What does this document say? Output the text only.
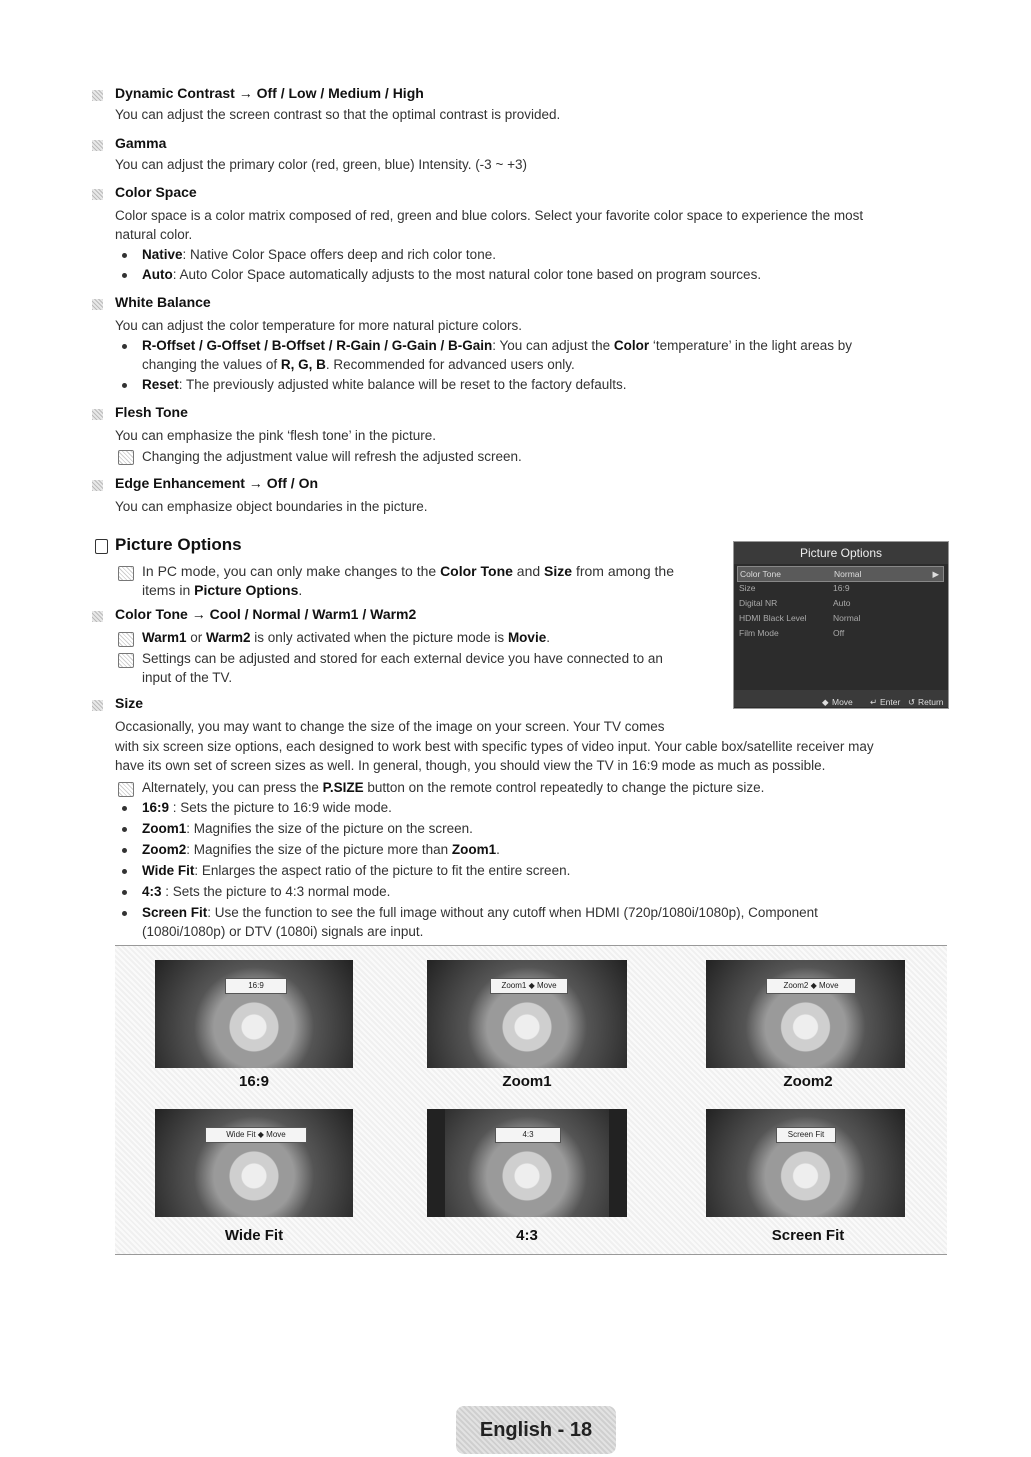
Dynamic Contrast → Off / Low / Medium / High
You can adjust the screen contrast so that the optimal contrast is provided.
Gamma
You can adjust the primary color (red, green, blue) Intensity. (-3 ~ +3)
Color Space
Color space is a color matrix composed of red, green and blue colors. Select your favorite color space to experience the most
natural color.
Native: Native Color Space offers deep and rich color tone.
Auto: Auto Color Space automatically adjusts to the most natural color tone based on program sources.
White Balance
You can adjust the color temperature for more natural picture colors.
R-Offset / G-Offset / B-Offset / R-Gain / G-Gain / B-Gain: You can adjust the Color ‘temperature’ in the light areas by
changing the values of R, G, B. Recommended for advanced users only.
Reset: The previously adjusted white balance will be reset to the factory defaults.
Flesh Tone
You can emphasize the pink ‘flesh tone’ in the picture.
Changing the adjustment value will refresh the adjusted screen.
Edge Enhancement → Off / On
You can emphasize object boundaries in the picture.
Picture Options
In PC mode, you can only make changes to the Color Tone and Size from among the
items in Picture Options.
Color Tone → Cool / Normal / Warm1 / Warm2
Warm1 or Warm2 is only activated when the picture mode is Movie.
Settings can be adjusted and stored for each external device you have connected to an
input of the TV.
Size
Occasionally, you may want to change the size of the image on your screen. Your TV comes
with six screen size options, each designed to work best with specific types of video input. Your cable box/satellite receiver may
have its own set of screen sizes as well. In general, though, you should view the TV in 16:9 mode as much as possible.
Alternately, you can press the P.SIZE button on the remote control repeatedly to change the picture size.
16:9 : Sets the picture to 16:9 wide mode.
Zoom1: Magnifies the size of the picture on the screen.
Zoom2: Magnifies the size of the picture more than Zoom1.
Wide Fit: Enlarges the aspect ratio of the picture to fit the entire screen.
4:3 : Sets the picture to 4:3 normal mode.
Screen Fit: Use the function to see the full image without any cutoff when HDMI (720p/1080i/1080p), Component
(1080i/1080p) or DTV (1080i) signals are input.
Picture Options
Color Tone	Normal	▶
Size	16:9
Digital NR	Auto
HDMI Black Level	Normal
Film Mode	Off
◆ Move ↵ Enter ↺ Return
16:9
16:9
Zoom1 ◆ Move
Zoom1
Zoom2 ◆ Move
Zoom2
Wide Fit ◆ Move
Wide Fit
4:3
4:3
Screen Fit
Screen Fit
English - 18
